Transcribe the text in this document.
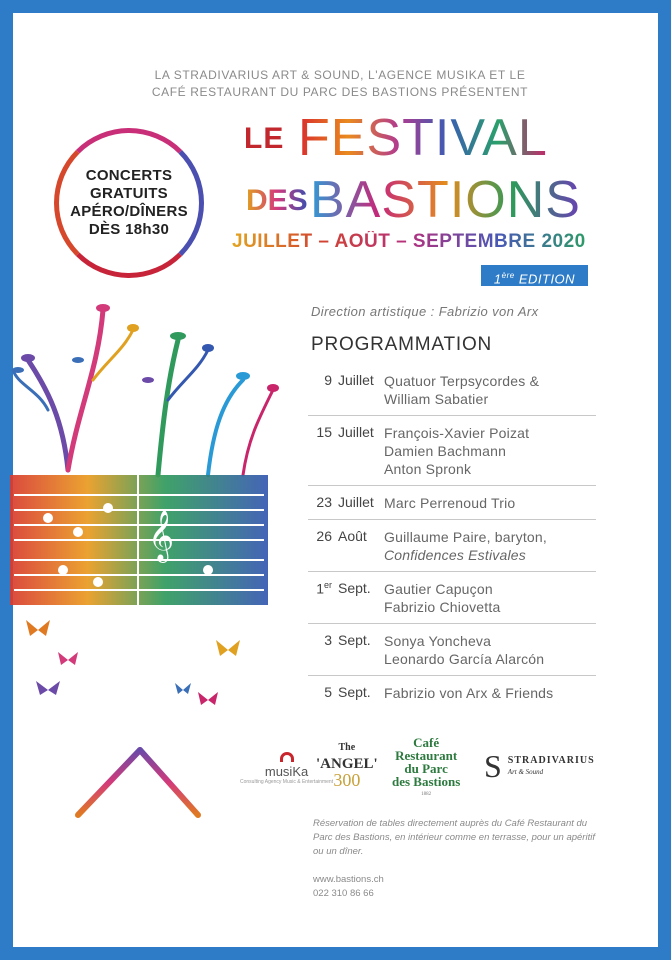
LA STRADIVARIUS ART & SOUND, L'AGENCE MUSIKA ET LE
CAFÉ RESTAURANT DU PARC DES BASTIONS PRÉSENTENT
CONCERTS
GRATUITS
APÉRO/DÎNERS
DÈS 18h30
LE FESTIVAL
DES BASTIONS
JUILLET – AOÛT – SEPTEMBRE 2020
1ère EDITION
Direction artistique : Fabrizio von Arx
PROGRAMMATION
9 Juillet Quatuor Terpsycordes &
William Sabatier
15 Juillet François-Xavier Poizat
Damien Bachmann
Anton Spronk
23 Juillet Marc Perrenoud Trio
26 Août	Guillaume Paire, baryton,
Confidences Estivales
1er Sept. Gautier Capuçon
Fabrizio Chiovetta
3 Sept. Sonya Yoncheva
Leonardo García Alarcón
5 Sept. Fabrizio von Arx & Friends
𝄞
musiKa
Consulting Agency Music & Entertainment
The
'ANGEL'
300
Café
Restaurant
du Parc
des Bastions
1882
S STRADIVARIUS
Art & Sound
Réservation de tables directement auprès du Café Restaurant du Parc des Bastions, en intérieur comme en terrasse, pour un apéritif ou un dîner.
www.bastions.ch
022 310 86 66
